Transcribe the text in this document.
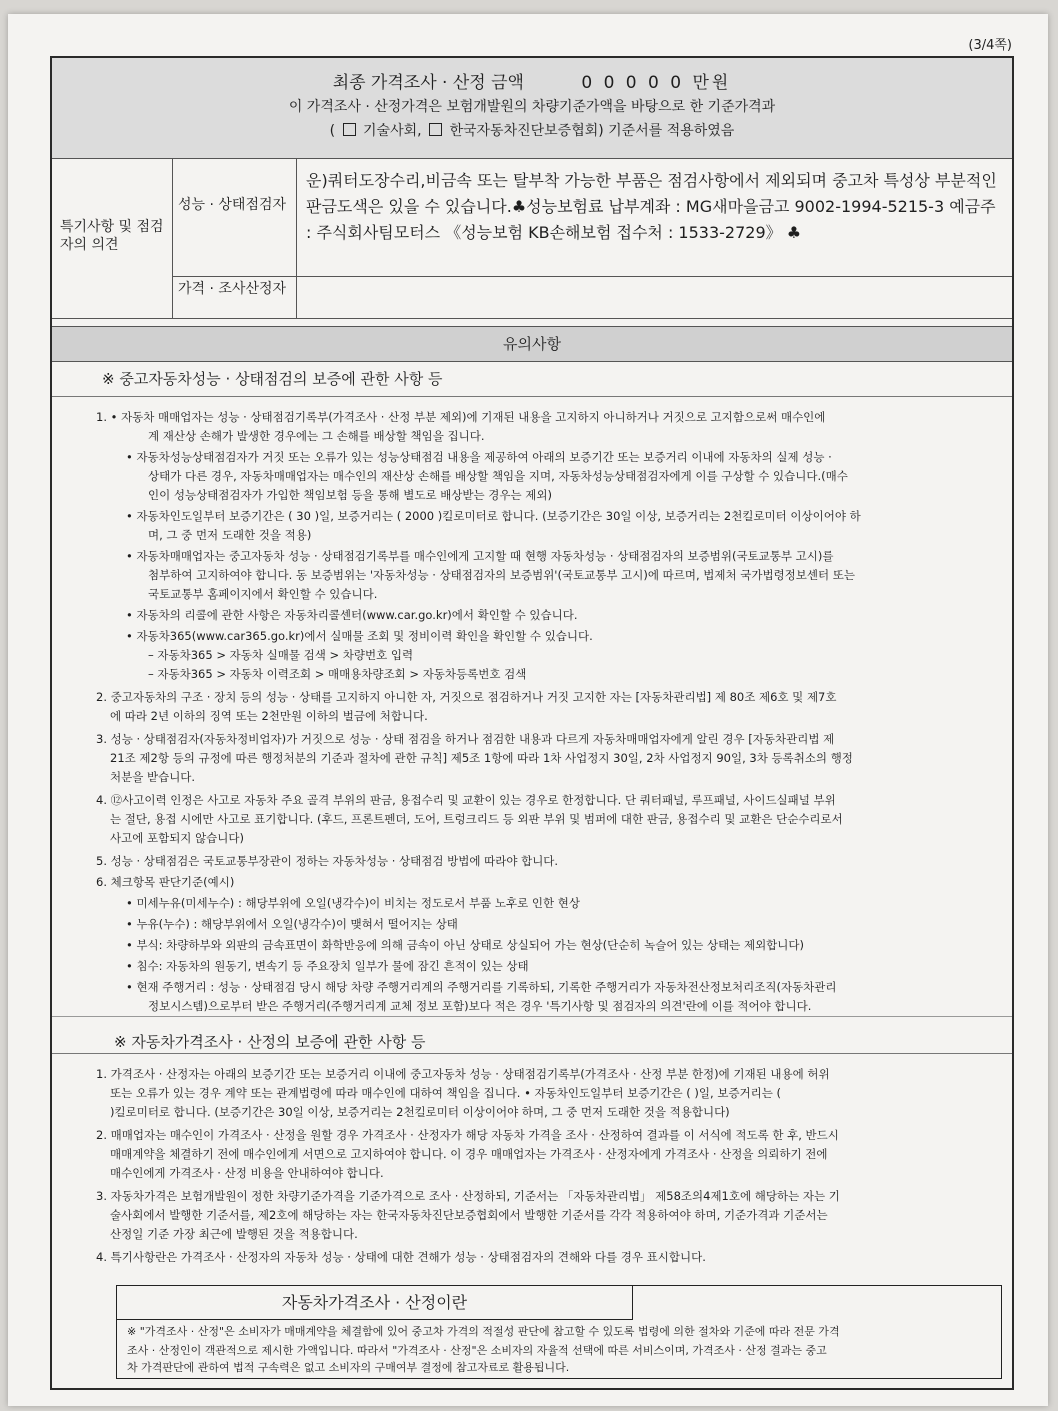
(3/4쪽)
최종 가격조사 · 산정 금액	0 0 0 0 0 만원
이 가격조사 · 산정가격은 보험개발원의 차량기준가액을 바탕으로 한 기준가격과
( 기술사회, 한국자동차진단보증협회) 기준서를 적용하였음
특기사항 및 점검자의 의견
성능 · 상태점검자
가격 · 조사산정자
운)쿼터도장수리,비금속 또는 탈부착 가능한 부품은 점검사항에서 제외되며 중고차 특성상 부분적인 판금도색은 있을 수 있습니다.♣성능보험료 납부계좌 : MG새마을금고 9002-1994-5215-3 예금주 : 주식회사팀모터스 《성능보험 KB손해보험 접수처 : 1533-2729》 ♣
유의사항
※ 중고자동차성능 · 상태점검의 보증에 관한 사항 등
1. • 자동차 매매업자는 성능 · 상태점검기록부(가격조사 · 산정 부분 제외)에 기재된 내용을 고지하지 아니하거나 거짓으로 고지함으로써 매수인에
계 재산상 손해가 발생한 경우에는 그 손해를 배상할 책임을 집니다.
• 자동차성능상태점검자가 거짓 또는 오류가 있는 성능상태점검 내용을 제공하여 아래의 보증기간 또는 보증거리 이내에 자동차의 실제 성능 ·
상태가 다른 경우, 자동차매매업자는 매수인의 재산상 손해를 배상할 책임을 지며, 자동차성능상태점검자에게 이를 구상할 수 있습니다.(매수
인이 성능상태점검자가 가입한 책임보험 등을 통해 별도로 배상받는 경우는 제외)
• 자동차인도일부터 보증기간은 ( 30 )일, 보증거리는 ( 2000 )킬로미터로 합니다. (보증기간은 30일 이상, 보증거리는 2천킬로미터 이상이어야 하
며, 그 중 먼저 도래한 것을 적용)
• 자동차매매업자는 중고자동차 성능 · 상태점검기록부를 매수인에게 고지할 때 현행 자동차성능 · 상태점검자의 보증범위(국토교통부 고시)를
첨부하여 고지하여야 합니다. 동 보증범위는 '자동차성능 · 상태점검자의 보증범위'(국토교통부 고시)에 따르며, 법제처 국가법령정보센터 또는
국토교통부 홈페이지에서 확인할 수 있습니다.
• 자동차의 리콜에 관한 사항은 자동차리콜센터(www.car.go.kr)에서 확인할 수 있습니다.
• 자동차365(www.car365.go.kr)에서 실매물 조회 및 정비이력 확인을 확인할 수 있습니다.
– 자동차365 > 자동차 실매물 검색 > 차량번호 입력
– 자동차365 > 자동차 이력조회 > 매매용차량조회 > 자동차등록번호 검색
2. 중고자동차의 구조 · 장치 등의 성능 · 상태를 고지하지 아니한 자, 거짓으로 점검하거나 거짓 고지한 자는 [자동차관리법] 제 80조 제6호 및 제7호
에 따라 2년 이하의 징역 또는 2천만원 이하의 벌금에 처합니다.
3. 성능 · 상태점검자(자동차정비업자)가 거짓으로 성능 · 상태 점검을 하거나 점검한 내용과 다르게 자동차매매업자에게 알린 경우 [자동차관리법 제
21조 제2항 등의 규정에 따른 행정처분의 기준과 절차에 관한 규칙] 제5조 1항에 따라 1차 사업정지 30일, 2차 사업정지 90일, 3차 등록취소의 행정
처분을 받습니다.
4. ⑫사고이력 인정은 사고로 자동차 주요 골격 부위의 판금, 용접수리 및 교환이 있는 경우로 한정합니다. 단 쿼터패널, 루프패널, 사이드실패널 부위
는 절단, 용접 시에만 사고로 표기합니다. (후드, 프론트펜더, 도어, 트렁크리드 등 외판 부위 및 범퍼에 대한 판금, 용접수리 및 교환은 단순수리로서
사고에 포함되지 않습니다)
5. 성능 · 상태점검은 국토교통부장관이 정하는 자동차성능 · 상태점검 방법에 따라야 합니다.
6. 체크항목 판단기준(예시)
• 미세누유(미세누수) : 해당부위에 오일(냉각수)이 비치는 정도로서 부품 노후로 인한 현상
• 누유(누수) : 해당부위에서 오일(냉각수)이 맺혀서 떨어지는 상태
• 부식: 차량하부와 외판의 금속표면이 화학반응에 의해 금속이 아닌 상태로 상실되어 가는 현상(단순히 녹슬어 있는 상태는 제외합니다)
• 침수: 자동차의 원동기, 변속기 등 주요장치 일부가 물에 잠긴 흔적이 있는 상태
• 현재 주행거리 : 성능 · 상태점검 당시 해당 차량 주행거리계의 주행거리를 기록하되, 기록한 주행거리가 자동차전산정보처리조직(자동차관리
정보시스템)으로부터 받은 주행거리(주행거리계 교체 정보 포함)보다 적은 경우 '특기사항 및 점검자의 의견'란에 이를 적어야 합니다.
※ 자동차가격조사 · 산정의 보증에 관한 사항 등
1. 가격조사 · 산정자는 아래의 보증기간 또는 보증거리 이내에 중고자동차 성능 · 상태점검기록부(가격조사 · 산정 부분 한정)에 기재된 내용에 허위
또는 오류가 있는 경우 계약 또는 관계법령에 따라 매수인에 대하여 책임을 집니다. • 자동차인도일부터 보증기간은 ( )일, 보증거리는 (
)킬로미터로 합니다. (보증기간은 30일 이상, 보증거리는 2천킬로미터 이상이어야 하며, 그 중 먼저 도래한 것을 적용합니다)
2. 매매업자는 매수인이 가격조사 · 산정을 원할 경우 가격조사 · 산정자가 해당 자동차 가격을 조사 · 산정하여 결과를 이 서식에 적도록 한 후, 반드시
매매계약을 체결하기 전에 매수인에게 서면으로 고지하여야 합니다. 이 경우 매매업자는 가격조사 · 산정자에게 가격조사 · 산정을 의뢰하기 전에
매수인에게 가격조사 · 산정 비용을 안내하여야 합니다.
3. 자동차가격은 보험개발원이 정한 차량기준가격을 기준가격으로 조사 · 산정하되, 기준서는 「자동차관리법」 제58조의4제1호에 해당하는 자는 기
술사회에서 발행한 기준서를, 제2호에 해당하는 자는 한국자동차진단보증협회에서 발행한 기준서를 각각 적용하여야 하며, 기준가격과 기준서는
산정일 기준 가장 최근에 발행된 것을 적용합니다.
4. 특기사항란은 가격조사 · 산정자의 자동차 성능 · 상태에 대한 견해가 성능 · 상태점검자의 견해와 다를 경우 표시합니다.
자동차가격조사 · 산정이란
※ "가격조사 · 산정"은 소비자가 매매계약을 체결함에 있어 중고차 가격의 적절성 판단에 참고할 수 있도록 법령에 의한 절차와 기준에 따라 전문 가격
조사 · 산정인이 객관적으로 제시한 가액입니다. 따라서 "가격조사 · 산정"은 소비자의 자율적 선택에 따른 서비스이며, 가격조사 · 산정 결과는 중고
차 가격판단에 관하여 법적 구속력은 없고 소비자의 구매여부 결정에 참고자료로 활용됩니다.
